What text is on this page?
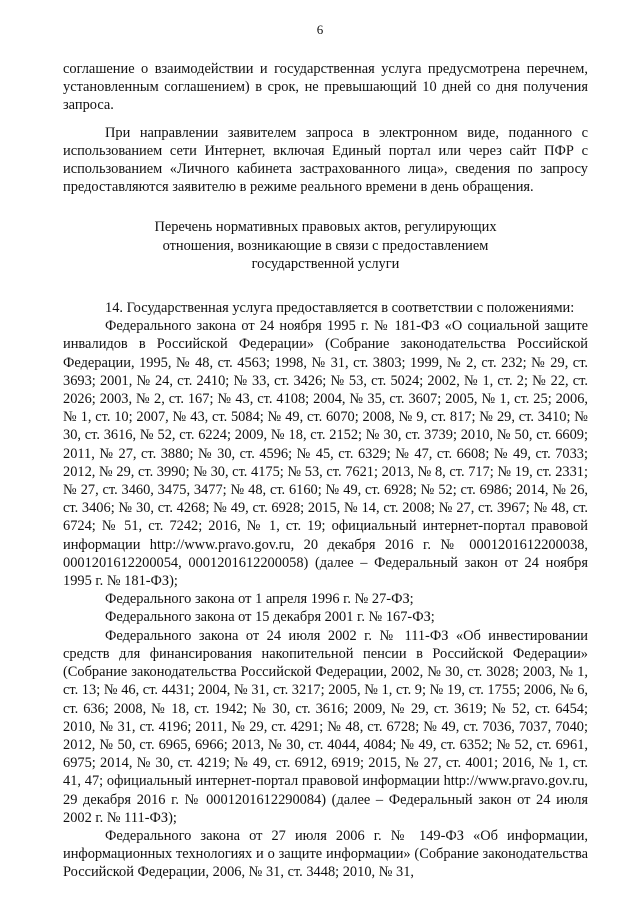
6

соглашение о взаимодействии и государственная услуга предусмотрена перечнем, установленным соглашением) в срок, не превышающий 10 дней со дня получения запроса.

При направлении заявителем запроса в электронном виде, поданного с использованием сети Интернет, включая Единый портал или через сайт ПФР с использованием «Личного кабинета застрахованного лица», сведения по запросу предоставляются заявителю в режиме реального времени в день обращения.

Перечень нормативных правовых актов, регулирующих
отношения, возникающие в связи с предоставлением
государственной услуги

14. Государственная услуга предоставляется в соответствии с положениями:

Федерального закона от 24 ноября 1995 г. № 181-ФЗ «О социальной защите инвалидов в Российской Федерации» (Собрание законодательства Российской Федерации, 1995, № 48, ст. 4563; 1998, № 31, ст. 3803; 1999, № 2, ст. 232; № 29, ст. 3693; 2001, № 24, ст. 2410; № 33, ст. 3426; № 53, ст. 5024; 2002, № 1, ст. 2; № 22, ст. 2026; 2003, № 2, ст. 167; № 43, ст. 4108; 2004, № 35, ст. 3607; 2005, № 1, ст. 25; 2006, № 1, ст. 10; 2007, № 43, ст. 5084; № 49, ст. 6070; 2008, № 9, ст. 817; № 29, ст. 3410; № 30, ст. 3616, № 52, ст. 6224; 2009, № 18, ст. 2152; № 30, ст. 3739; 2010, № 50, ст. 6609; 2011, № 27, ст. 3880; № 30, ст. 4596; № 45, ст. 6329; № 47, ст. 6608; № 49, ст. 7033; 2012, № 29, ст. 3990; № 30, ст. 4175; № 53, ст. 7621; 2013, № 8, ст. 717; № 19, ст. 2331; № 27, ст. 3460, 3475, 3477; № 48, ст. 6160; № 49, ст. 6928; № 52; ст. 6986; 2014, № 26, ст. 3406; № 30, ст. 4268; № 49, ст. 6928; 2015, № 14, ст. 2008; № 27, ст. 3967; № 48, ст. 6724; № 51, ст. 7242; 2016, № 1, ст. 19; официальный интернет-портал правовой информации http://www.pravo.gov.ru, 20 декабря 2016 г. № 0001201612200038, 0001201612200054, 0001201612200058) (далее – Федеральный закон от 24 ноября 1995 г. № 181-ФЗ);

Федерального закона от 1 апреля 1996 г. № 27-ФЗ;

Федерального закона от 15 декабря 2001 г. № 167-ФЗ;

Федерального закона от 24 июля 2002 г. № 111-ФЗ «Об инвестировании средств для финансирования накопительной пенсии в Российской Федерации» (Собрание законодательства Российской Федерации, 2002, № 30, ст. 3028; 2003, № 1, ст. 13; № 46, ст. 4431; 2004, № 31, ст. 3217; 2005, № 1, ст. 9; № 19, ст. 1755; 2006, № 6, ст. 636; 2008, № 18, ст. 1942; № 30, ст. 3616; 2009, № 29, ст. 3619; № 52, ст. 6454; 2010, № 31, ст. 4196; 2011, № 29, ст. 4291; № 48, ст. 6728; № 49, ст. 7036, 7037, 7040; 2012, № 50, ст. 6965, 6966; 2013, № 30, ст. 4044, 4084; № 49, ст. 6352; № 52, ст. 6961, 6975; 2014, № 30, ст. 4219; № 49, ст. 6912, 6919; 2015, № 27, ст. 4001; 2016, № 1, ст. 41, 47; официальный интернет-портал правовой информации http://www.pravo.gov.ru, 29 декабря 2016 г. № 0001201612290084) (далее – Федеральный закон от 24 июля 2002 г. № 111-ФЗ);

Федерального закона от 27 июля 2006 г. № 149-ФЗ «Об информации, информационных технологиях и о защите информации» (Собрание законодательства Российской Федерации, 2006, № 31, ст. 3448; 2010, № 31,
